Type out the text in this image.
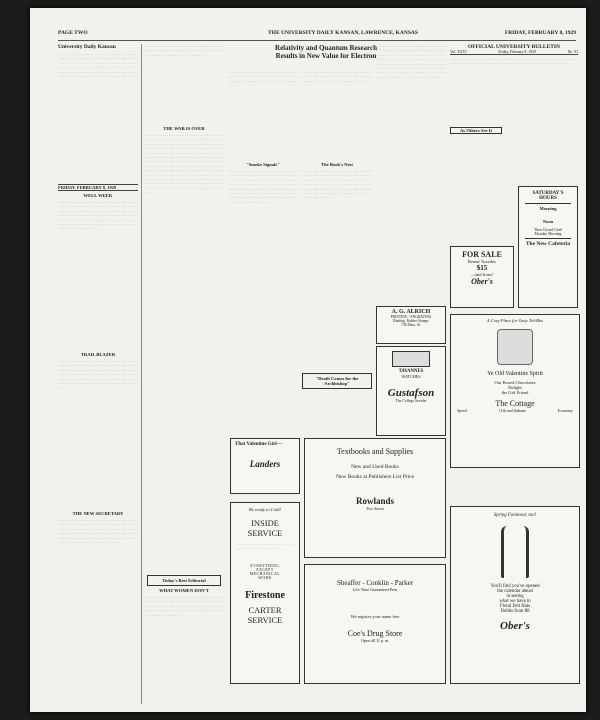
PAGE TWO	THE UNIVERSITY DAILY KANSAN, LAWRENCE, KANSAS	FRIDAY, FEBRUARY 8, 1929
University Daily Kansan

. . . . . . . . . . . . . . . . . . . . . . . . . . . . . . . . . . . . . . . . . . . . . . . . . . . . . . . . . . . . . . . . . . . . . . . . . . . . . . . . . . . . . . . . . . . . . . . . . . . . . . . . . . . . . . . . . . . . . . . . . . . . . . . . . . . . . . . . . . . . . . . . . . . . . . . . . . . . . . . . . . . . . . . . . . . . . . . . . . . . . . . . . . . . . . . . . . . . . . . . . . . . . . . . . . . . . . . . . . . . . . . . . . . . . . . . . . . . . . . . . . . . . . . . . . . . . . . . . . . . . . . . . . . . . . . .

FRIDAY, FEBRUARY 8, 1929
WELL WEEK

. . . . . . . . . . . . . . . . . . . . . . . . . . . . . . . . . . . . . . . . . . . . . . . . . . . . . . . . . . . . . . . . . . . . . . . . . . . . . . . . . . . . . . . . . . . . . . . . . . . . . . . . . . . . . . . . . . . . . . . . . . . . . . . . . . . . . . . . . . . . . . . . . . . . . . . . . . . . . . . . . . . . . . . . . . . . . . . . . . . . . . . . . . . . . . . . . . . . . . . . . . . . . . . . . . . . . . . . . . . . . . . . . . . . . . . . . . . . . . . . . . . . . . . . . . . . . . . . . . . . . . . . . . . . . . . . . . . . . . . . . . . . . . . . . .

TRAIL BLAZER

. . . . . . . . . . . . . . . . . . . . . . . . . . . . . . . . . . . . . . . . . . . . . . . . . . . . . . . . . . . . . . . . . . . . . . . . . . . . . . . . . . . . . . . . . . . . . . . . . . . . . . . . . . . . . . . . . . . . . . . . . . . . . . . . . . . . . . . . . . . . . . . . . . . . . . . . . . . . . . . . . . . . . . . . . . . . . . . . . . . . . . . . . . . . . . . . . . . . . . . . . . . . . . . . . . . . . . . . . . . . . . . . . . . . . . . . . . . . . . . . . . . . . . . . . . . . . . . . . . . . . . . . . . . . . . . . .

THE NEW SECRETARY

. . . . . . . . . . . . . . . . . . . . . . . . . . . . . . . . . . . . . . . . . . . . . . . . . . . . . . . . . . . . . . . . . . . . . . . . . . . . . . . . . . . . . . . . . . . . . . . . . . . . . . . . . . . . . . . . . . . . . . . . . . . . . . . . . . . . . . . . . . . . . . . . . . . . . . . . . . . . . . . . . . . . . . . . . . . . . . . . . . . . . . . . . . . . . . . . . . . . . . . . . . . . . . . . . . . . . . . . . . . . . . . . . . . . . . . . . . . . . . . . . . . . . . . . . . . . . . . . . . . .

. . . . . . . . . . . . . . . . . . . . . . . . . . . . . . . . . . . . . . . . . . . . . . . . . . . . . . . . . . . . . . . . . . . . . . . . . . . . . . . . . . . . . . . . . . . . . . . . . . . . . . . . . . . . . . . . . . . . . .

THE WAR IS OVER

. . . . . . . . . . . . . . . . . . . . . . . . . . . . . . . . . . . . . . . . . . . . . . . . . . . . . . . . . . . . . . . . . . . . . . . . . . . . . . . . . . . . . . . . . . . . . . . . . . . . . . . . . . . . . . . . . . . . . . . . . . . . . . . . . . . . . . . . . . . . . . . . . . . . . . . . . . . . . . . . . . . . . . . . . . . . . . . . . . . . . . . . . . . . . . . . . . . . . . . . . . . . . . . . . . . . . . . . . . . . . . . . . . . . . . . . . . . . . . . . . . . . . . . . . . . . . . . . . . . . . . . . . . . . . . . . . . . . . . . . . . . . . . . . . . . . . . . . . . . . . . . . . . . . . . . . . . . . . . . . . . . . . . . . . . . . . . . . . . . . . . . . . . . . . . . . . . . . . . . . . . . . . . . . . . . . . . . . . . . . . . . . . . . . . . . . . . . . . . . . . . . . . . . . . . . . . . . . . . . . . . . . . . . . . . . . . . . . . . . . . . . . . . . . . . . . . . . . . . . . . . . . . . . . . . . . . . . . . . . . . . . . . . . . . . . . . . . . . . . . . . . . . . . . . . . . . . . . . . . . . . . . . . . . . . . . . . . . . . . . . . . . . . . . . . . . . . . . . . . . . .

Today's Best Editorial
WHAT WOMEN DON'T

. . . . . . . . . . . . . . . . . . . . . . . . . . . . . . . . . . . . . . . . . . . . . . . . . . . . . . . . . . . . . . . . . . . . . . . . . . . . . . . . . . . . . . . . . . . . . . . . . . . . . . . . . . . . . . . . . . . . . . . . . . . . . . . . . . . . . . . . . . . . . . . . . . . . . . . . . . . . . . . . . . . . . . . . . . . . . . . . . . . . . . . . . . . . . . . .

Relativity and Quantum Research
Results in New Value for Electron

. . . . . . . . . . . . . . . . . . . . . . . . . . . . . . . . . . . . . . . . . . . . . . . . . . . . . . . . . . . . . . . . . . . . . . . . . . . . . . . . . . . . . . . . . . . . . . . . . . . . . . . . . . . . . . . . . . . . . . . .

"Smoke Signals"

. . . . . . . . . . . . . . . . . . . . . . . . . . . . . . . . . . . . . . . . . . . . . . . . . . . . . . . . . . . . . . . . . . . . . . . . . . . . . . . . . . . . . . . . . . . . . . . . . . . . . . . . . . . . . . . . . . . . . . . . . . . . . . . . . . . . . . . . . . . . . . . . . . . . . . . . . . . . . . . . . . . . . . . . . . . . . . . . . . . . . . . . . . . . . . . . . . . . . . . . . . . . . . . . . . . . . . . . . . . . . . . . . . . . . . . . . . . . . . . . . . . . . . . . . . . . . . . . . . . . . . . . . . . . . . . . . . . . . . . . . . . . . . . . . . . . . . . .

. . . . . . . . . . . . . . . . . . . . . . . . . . . . . . . . . . . . . . . . . . . . . . . . . . . . . . . . . . . . . . . . . . . . . . . . . . . . . . . . . . . . . . . . . . . . . . . . . . . . . . . . . . . . . . . . . . . . . . . . .

The Book's Nest

. . . . . . . . . . . . . . . . . . . . . . . . . . . . . . . . . . . . . . . . . . . . . . . . . . . . . . . . . . . . . . . . . . . . . . . . . . . . . . . . . . . . . . . . . . . . . . . . . . . . . . . . . . . . . . . . . . . . . . . . . . . . . . . . . . . . . . . . . . . . . . . . . . . . . . . . . . . . . . . . . . . . . . . . . . . . . . . . . . . . . . . . . . . . . . . . . . . . . . . . . . . . . . . . . . . . . . . . . . . . . . . . . . . . . . . . . . . . . . . . . . . . . . . . . . .

"Death Comes for the Archbishop"

. . . . . . . . . . . . . . . . . . . . . . . . . . . . . . . . . . . . . . . . . . . . . . . . . . . . . . . . . . . . . . . . . . . . . . . . . . . . . . . . . . . . . . . . . . . . . . . . . . . . . . . . . . . . . . . . . . . . . . . . . . . . . . . . . . . . . . . . . . . . . . . . . . . . . . . . . . . . . . . . . . . . . . . . . . . . . . . . . . . . . . . . . . . . . . . . . . . . . . . . . . . . . . . . . . . . . . . . . . . . . . . . . . . . . . . . . . . . . . . . . . . . . . . . . . . . . . . . . . . . . . . . . . . . . . . . . . . . . . . . . . . . . . . . . . . . . . . . . . . . . . . . . . . .

OFFICIAL UNIVERSITY BULLETIN
Vol. XXVI	Friday, February 8, 1929	No. 91

. . . . . . . . . . . . . . . . . . . . . . . . . . . . . . . . . . . . . . . . . . . . . . . . . . . . . . . . . . . . . . . . . . . . . . . . . . . . . . . . . . . . . . . . . . . . . . . . . . . . . . . . . . . . . . . . . . . . . . . . . . . . . . . . . . . . . . . . .

As Others See It
FOR SALE
Rental Tuxedos
$15
—and Irons!
Ober's
SATURDAY'S
HOURS
Morning
Noon
Then Closed Until
Monday Morning
The New Cafeteria
A. G. ALRICH
PRINTING - ENGRAVING
Binding, Rubber Stamps
736 Mass. St.
TAVANNES
WATCHES
Gustafson
The College Jeweler
A Cozy Place for Tasty Tid-Bits
Ye Old Valentine Spirit
Our Boxed Chocolates
Delight
the Girl Friend
The Cottage
Speed	11th and Indiana	Economy
That Valentine Girl—
Landers
Textbooks and Supplies
New and Used Books
New Books at Publishers List Price
Rowlands
Two Stores
Be ready to Cold!
INSIDE
SERVICE

. . . . . . . . . . . . . . . . . . . . . . . . . . . . . . . . . . . . . . . . . . . . . . . . . . . . . .

EVERYTHING
EXCEPT
MECHANICAL
WORK
Firestone
CARTER
SERVICE
Sheaffer - Conklin - Parker
Life-Time Guaranteed Pens
We register your name free
Coe's Drug Store
Open till 11 p. m.
Spring Footwear, too!
You'll find you've opened
the calendar ahead
in seeing
what we have in
Floral Felt Hats
Dobbs from $8
Ober's
